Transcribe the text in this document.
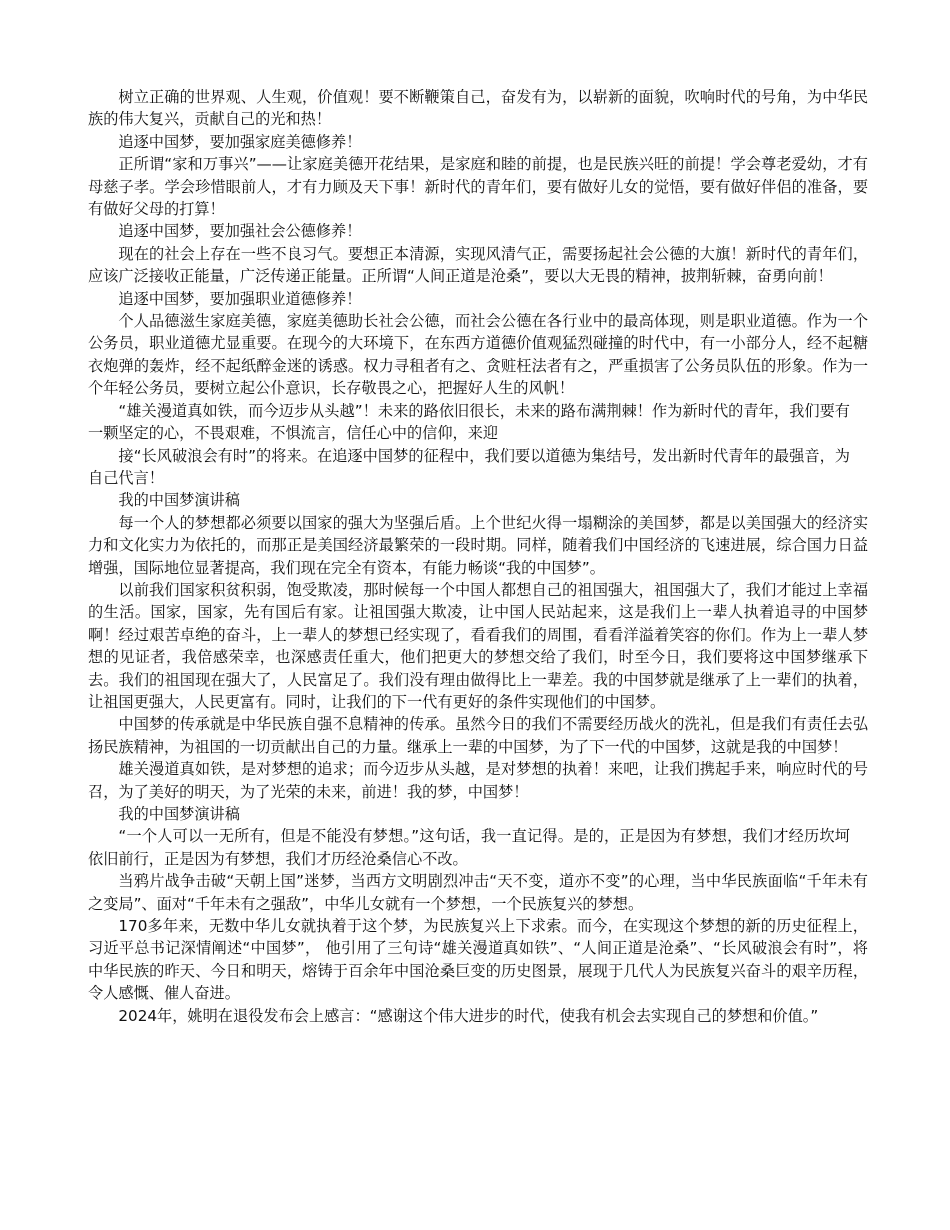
树立正确的世界观、人生观，价值观！要不断鞭策自己，奋发有为，以崭新的面貌，吹响时代的号角，为中华民族的伟大复兴，贡献自己的光和热！

追逐中国梦，要加强家庭美德修养！

正所谓“家和万事兴”——让家庭美德开花结果，是家庭和睦的前提，也是民族兴旺的前提！学会尊老爱幼，才有母慈子孝。学会珍惜眼前人，才有力顾及天下事！新时代的青年们，要有做好儿女的觉悟，要有做好伴侣的准备，要有做好父母的打算！

追逐中国梦，要加强社会公德修养！

现在的社会上存在一些不良习气。要想正本清源，实现风清气正，需要扬起社会公德的大旗！新时代的青年们，应该广泛接收正能量，广泛传递正能量。正所谓“人间正道是沧桑”，要以大无畏的精神，披荆斩棘，奋勇向前！

追逐中国梦，要加强职业道德修养！

个人品德滋生家庭美德，家庭美德助长社会公德，而社会公德在各行业中的最高体现，则是职业道德。作为一个公务员，职业道德尤显重要。在现今的大环境下，在东西方道德价值观猛烈碰撞的时代中，有一小部分人，经不起糖衣炮弹的轰炸，经不起纸醉金迷的诱惑。权力寻租者有之、贪赃枉法者有之，严重损害了公务员队伍的形象。作为一个年轻公务员，要树立起公仆意识，长存敬畏之心，把握好人生的风帆！

“雄关漫道真如铁，而今迈步从头越”！未来的路依旧很长，未来的路布满荆棘！作为新时代的青年，我们要有一颗坚定的心，不畏艰难，不惧流言，信任心中的信仰，来迎

接“长风破浪会有时”的将来。在追逐中国梦的征程中，我们要以道德为集结号，发出新时代青年的最强音，为自己代言！

我的中国梦演讲稿

每一个人的梦想都必须要以国家的强大为坚强后盾。上个世纪火得一塌糊涂的美国梦，都是以美国强大的经济实力和文化实力为依托的，而那正是美国经济最繁荣的一段时期。同样，随着我们中国经济的飞速进展，综合国力日益增强，国际地位显著提高，我们现在完全有资本，有能力畅谈“我的中国梦”。

以前我们国家积贫积弱，饱受欺凌，那时候每一个中国人都想自己的祖国强大，祖国强大了，我们才能过上幸福的生活。国家，国家，先有国后有家。让祖国强大欺凌，让中国人民站起来，这是我们上一辈人执着追寻的中国梦啊！经过艰苦卓绝的奋斗，上一辈人的梦想已经实现了，看看我们的周围，看看洋溢着笑容的你们。作为上一辈人梦想的见证者，我倍感荣幸，也深感责任重大，他们把更大的梦想交给了我们，时至今日，我们要将这中国梦继承下去。我们的祖国现在强大了，人民富足了。我们没有理由做得比上一辈差。我的中国梦就是继承了上一辈们的执着，让祖国更强大，人民更富有。同时，让我们的下一代有更好的条件实现他们的中国梦。

中国梦的传承就是中华民族自强不息精神的传承。虽然今日的我们不需要经历战火的洗礼，但是我们有责任去弘扬民族精神，为祖国的一切贡献出自己的力量。继承上一辈的中国梦，为了下一代的中国梦，这就是我的中国梦！

雄关漫道真如铁，是对梦想的追求；而今迈步从头越，是对梦想的执着！来吧，让我们携起手来，响应时代的号召，为了美好的明天，为了光荣的未来，前进！我的梦，中国梦！

我的中国梦演讲稿

“一个人可以一无所有，但是不能没有梦想。”这句话，我一直记得。是的，正是因为有梦想，我们才经历坎坷依旧前行，正是因为有梦想，我们才历经沧桑信心不改。

当鸦片战争击破“天朝上国”迷梦，当西方文明剧烈冲击“天不变，道亦不变”的心理，当中华民族面临“千年未有之变局”、面对“千年未有之强敌”，中华儿女就有一个梦想，一个民族复兴的梦想。

170多年来，无数中华儿女就执着于这个梦，为民族复兴上下求索。而今，在实现这个梦想的新的历史征程上，习近平总书记深情阐述“中国梦”， 他引用了三句诗“雄关漫道真如铁”、“人间正道是沧桑”、“长风破浪会有时”，将中华民族的昨天、今日和明天，熔铸于百余年中国沧桑巨变的历史图景，展现于几代人为民族复兴奋斗的艰辛历程，令人感慨、催人奋进。

2024年，姚明在退役发布会上感言：“感谢这个伟大进步的时代，使我有机会去实现自己的梦想和价值。”
